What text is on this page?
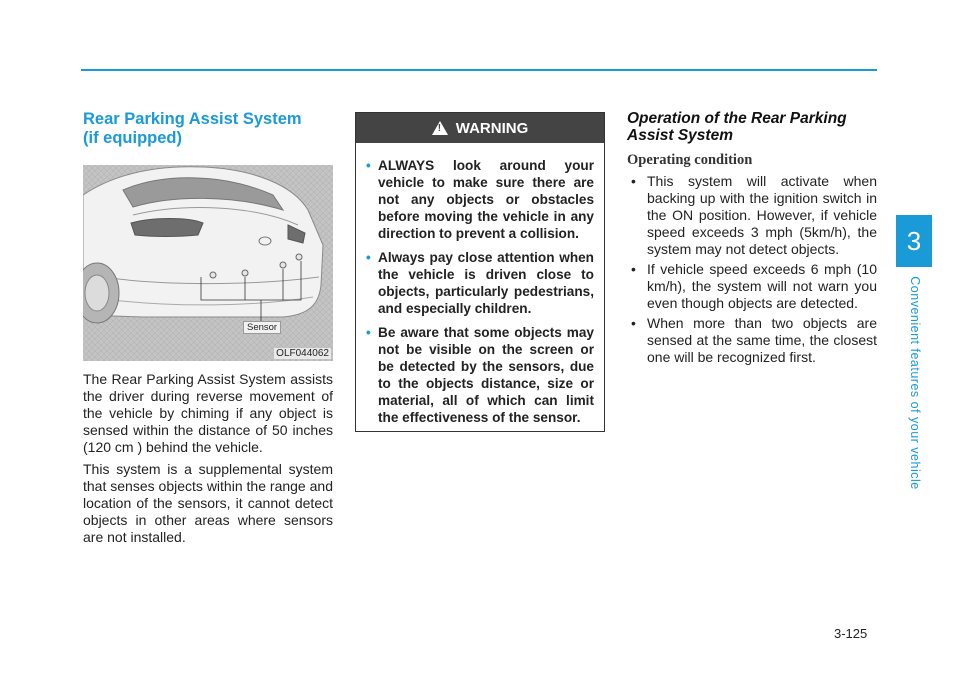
Rear Parking Assist System
(if equipped)
Sensor
OLF044062

The Rear Parking Assist System assists the driver during reverse movement of the vehicle by chiming if any object is sensed within the distance of 50 inches (120 cm ) behind the vehicle.

This system is a supplemental system that senses objects within the range and location of the sensors, it cannot detect objects in other areas where sensors are not installed.

!
WARNING
• ALWAYS look around your vehicle to make sure there are not any objects or obstacles before moving the vehicle in any direction to prevent a collision.
• Always pay close attention when the vehicle is driven close to objects, particularly pedestrians, and especially children.
• Be aware that some objects may not be visible on the screen or be detected by the sensors, due to the objects distance, size or material, all of which can limit the effectiveness of the sensor.
Operation of the Rear Parking
Assist System
Operating condition
• This system will activate when backing up with the ignition switch in the ON position. However, if vehicle speed exceeds 3 mph (5km/h), the system may not detect objects.
• If vehicle speed exceeds 6 mph (10 km/h), the system will not warn you even though objects are detected.
• When more than two objects are sensed at the same time, the closest one will be recognized first.
3
Convenient features of your vehicle
3-125
